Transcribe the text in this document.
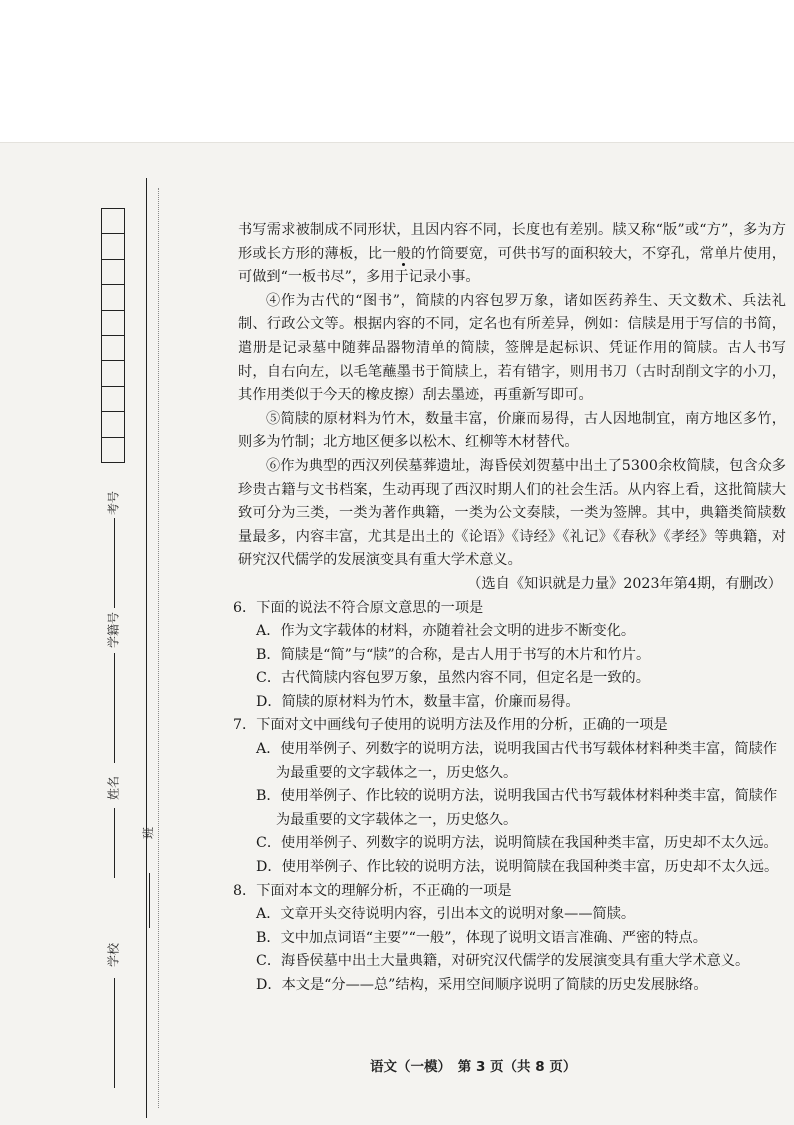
考号
学籍号
姓名
班
学校

书写需求被制成不同形状，且因内容不同，长度也有差别。牍又称“版”或“方”，多为方形或长方形的薄板，比一般的竹筒要宽，可供书写的面积较大，不穿孔，常单片使用，可做到“一板书尽”，多用于记录小事。

④作为古代的“图书”，简牍的内容包罗万象，诸如医药养生、天文数术、兵法礼制、行政公文等。根据内容的不同，定名也有所差异，例如：信牍是用于写信的书简，遣册是记录墓中随葬品器物清单的简牍，签牌是起标识、凭证作用的简牍。古人书写时，自右向左，以毛笔蘸墨书于简牍上，若有错字，则用书刀（古时刮削文字的小刀，其作用类似于今天的橡皮擦）刮去墨迹，再重新写即可。

⑤简牍的原材料为竹木，数量丰富，价廉而易得，古人因地制宜，南方地区多竹，则多为竹制；北方地区便多以松木、红柳等木材替代。

⑥作为典型的西汉列侯墓葬遗址，海昏侯刘贺墓中出土了5300余枚简牍，包含众多珍贵古籍与文书档案，生动再现了西汉时期人们的社会生活。从内容上看，这批简牍大致可分为三类，一类为著作典籍，一类为公文奏牍，一类为签牌。其中，典籍类简牍数量最多，内容丰富，尤其是出土的《论语》《诗经》《礼记》《春秋》《孝经》等典籍，对研究汉代儒学的发展演变具有重大学术意义。

（选自《知识就是力量》2023年第4期，有删改）

6．下面的说法不符合原文意思的一项是

A．作为文字载体的材料，亦随着社会文明的进步不断变化。

B．简牍是“简”与“牍”的合称，是古人用于书写的木片和竹片。

C．古代简牍内容包罗万象，虽然内容不同，但定名是一致的。

D．简牍的原材料为竹木，数量丰富，价廉而易得。

7．下面对文中画线句子使用的说明方法及作用的分析，正确的一项是

A．使用举例子、列数字的说明方法，说明我国古代书写载体材料种类丰富，简牍作为最重要的文字载体之一，历史悠久。

B．使用举例子、作比较的说明方法，说明我国古代书写载体材料种类丰富，简牍作为最重要的文字载体之一，历史悠久。

C．使用举例子、列数字的说明方法，说明简牍在我国种类丰富，历史却不太久远。

D．使用举例子、作比较的说明方法，说明简牍在我国种类丰富，历史却不太久远。

8．下面对本文的理解分析，不正确的一项是

A．文章开头交待说明内容，引出本文的说明对象——简牍。

B．文中加点词语“主要”“一般”，体现了说明文语言准确、严密的特点。

C．海昏侯墓中出土大量典籍，对研究汉代儒学的发展演变具有重大学术意义。

D．本文是“分——总”结构，采用空间顺序说明了简牍的历史发展脉络。

语文（一模）　第 3 页（共 8 页）
